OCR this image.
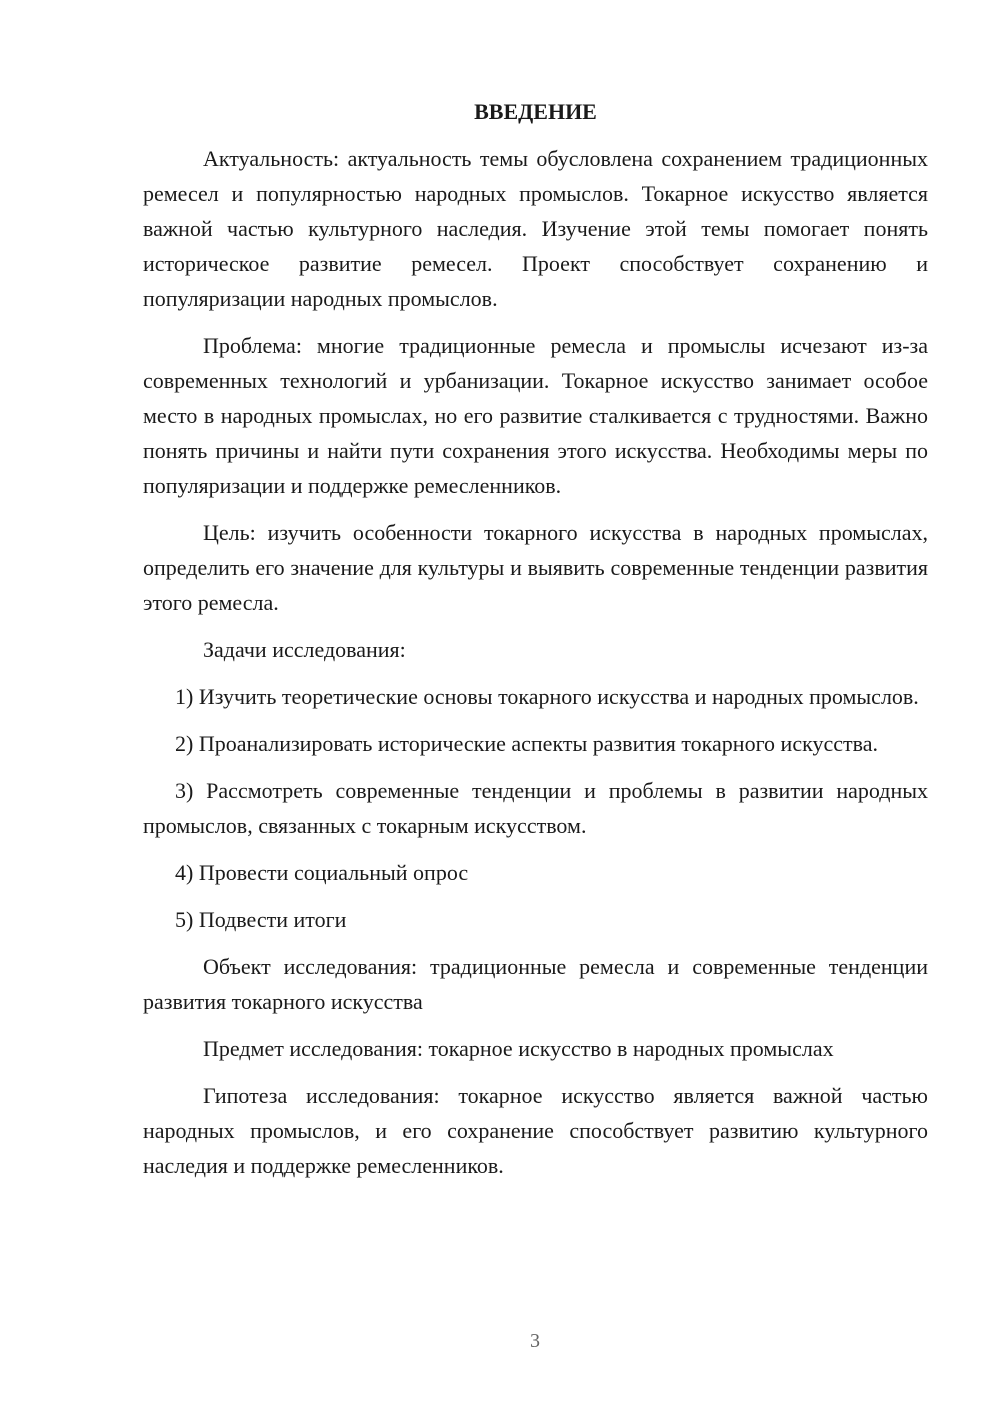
ВВЕДЕНИЕ

Актуальность: актуальность темы обусловлена сохранением традиционных ремесел и популярностью народных промыслов. Токарное искусство является важной частью культурного наследия. Изучение этой темы помогает понять историческое развитие ремесел. Проект способствует сохранению и популяризации народных промыслов.

Проблема: многие традиционные ремесла и промыслы исчезают из-за современных технологий и урбанизации. Токарное искусство занимает особое место в народных промыслах, но его развитие сталкивается с трудностями. Важно понять причины и найти пути сохранения этого искусства. Необходимы меры по популяризации и поддержке ремесленников.

Цель: изучить особенности токарного искусства в народных промыслах, определить его значение для культуры и выявить современные тенденции развития этого ремесла.

Задачи исследования:

1) Изучить теоретические основы токарного искусства и народных промыслов.

2) Проанализировать исторические аспекты развития токарного искусства.

3) Рассмотреть современные тенденции и проблемы в развитии народных промыслов, связанных с токарным искусством.

4) Провести социальный опрос

5) Подвести итоги

Объект исследования: традиционные ремесла и современные тенденции развития токарного искусства

Предмет исследования: токарное искусство в народных промыслах

Гипотеза исследования: токарное искусство является важной частью народных промыслов, и его сохранение способствует развитию культурного наследия и поддержке ремесленников.

3
